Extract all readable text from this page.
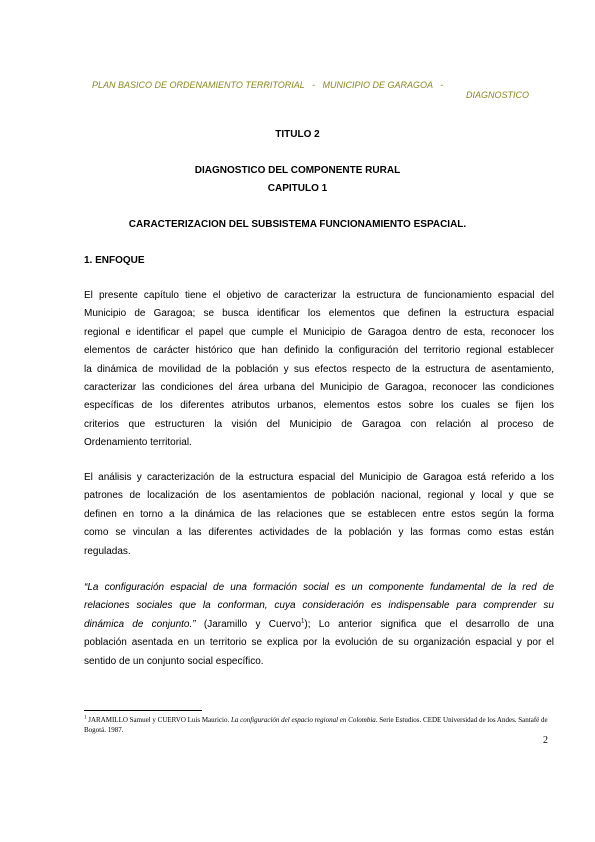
PLAN BASICO DE ORDENAMIENTO TERRITORIAL   -   MUNICIPIO DE GARAGOA   -

DIAGNOSTICO

TITULO 2
DIAGNOSTICO DEL COMPONENTE RURAL
CAPITULO 1
CARACTERIZACION DEL SUBSISTEMA FUNCIONAMIENTO ESPACIAL.
1. ENFOQUE
El presente capítulo tiene el objetivo de caracterizar la estructura de funcionamiento espacial del
Municipio de Garagoa; se busca identificar los elementos que definen la estructura espacial
regional e identificar el papel que cumple el Municipio de Garagoa dentro de esta, reconocer los
elementos de carácter histórico que han definido la configuración del territorio regional establecer
la dinámica de movilidad de la población y sus efectos respecto de la estructura de asentamiento,
caracterizar las condiciones del área urbana del Municipio de Garagoa, reconocer las condiciones
específicas de los diferentes atributos urbanos, elementos estos sobre los cuales se fijen los
criterios que estructuren la visión del Municipio de Garagoa con relación al proceso de
Ordenamiento territorial.
El análisis y caracterización de la estructura espacial del Municipio de Garagoa está referido a los
patrones de localización de los asentamientos de población nacional, regional y local y que se
definen en torno a la dinámica de las relaciones que se establecen entre estos según la forma
como se vinculan a las diferentes actividades de la población y las formas como estas están
reguladas.
“La configuración espacial de una formación social es un componente fundamental de la red de
relaciones sociales que la conforman, cuya consideración es indispensable para comprender su
dinámica de conjunto.” (Jaramillo y Cuervo$^1$); Lo anterior significa que el desarrollo de una
población asentada en un territorio se explica por la evolución de su organización espacial y por el
sentido de un conjunto social específico.
$^1$ JARAMILLO Samuel y CUERVO Luis Mauricio. La configuración del espacio regional en Colombia. Serie Estudios. CEDE Universidad de los Andes. Santafé de Bogotá. 1987.
2
